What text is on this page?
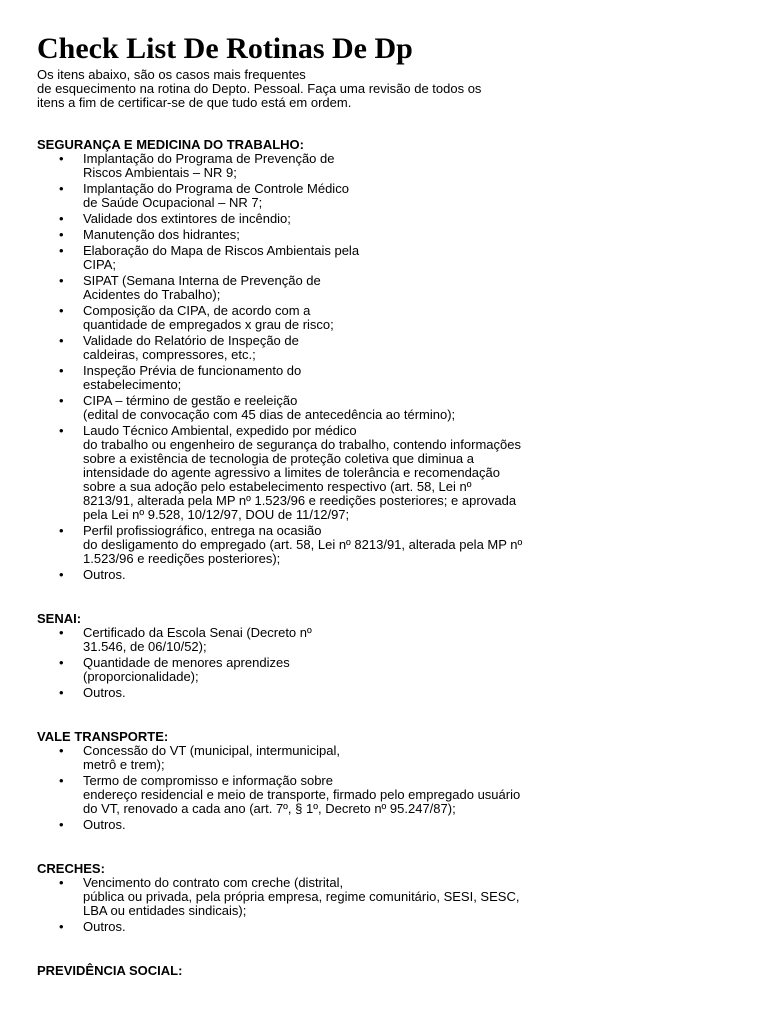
Check List De Rotinas De Dp
Os itens abaixo, são os casos mais frequentes
de esquecimento na rotina do Depto. Pessoal. Faça uma revisão de todos os
itens a fim de certificar-se de que tudo está em ordem.
SEGURANÇA E MEDICINA DO TRABALHO:
• Implantação do Programa de Prevenção de
Riscos Ambientais – NR 9;
• Implantação do Programa de Controle Médico
de Saúde Ocupacional – NR 7;
• Validade dos extintores de incêndio;
• Manutenção dos hidrantes;
• Elaboração do Mapa de Riscos Ambientais pela
CIPA;
• SIPAT (Semana Interna de Prevenção de
Acidentes do Trabalho);
• Composição da CIPA, de acordo com a
quantidade de empregados x grau de risco;
• Validade do Relatório de Inspeção de
caldeiras, compressores, etc.;
• Inspeção Prévia de funcionamento do
estabelecimento;
• CIPA – término de gestão e reeleição
(edital de convocação com 45 dias de antecedência ao término);
• Laudo Técnico Ambiental, expedido por médico
do trabalho ou engenheiro de segurança do trabalho, contendo informações
sobre a existência de tecnologia de proteção coletiva que diminua a
intensidade do agente agressivo a limites de tolerância e recomendação
sobre a sua adoção pelo estabelecimento respectivo (art. 58, Lei nº
8213/91, alterada pela MP nº 1.523/96 e reedições posteriores; e aprovada
pela Lei nº 9.528, 10/12/97, DOU de 11/12/97;
• Perfil profissiográfico, entrega na ocasião
do desligamento do empregado (art. 58, Lei nº 8213/91, alterada pela MP nº
1.523/96 e reedições posteriores);
• Outros.
SENAI:
• Certificado da Escola Senai (Decreto nº
31.546, de 06/10/52);
• Quantidade de menores aprendizes
(proporcionalidade);
• Outros.
VALE TRANSPORTE:
• Concessão do VT (municipal, intermunicipal,
metrô e trem);
• Termo de compromisso e informação sobre
endereço residencial e meio de transporte, firmado pelo empregado usuário
do VT, renovado a cada ano (art. 7º, § 1º, Decreto nº 95.247/87);
• Outros.
CRECHES:
• Vencimento do contrato com creche (distrital,
pública ou privada, pela própria empresa, regime comunitário, SESI, SESC,
LBA ou entidades sindicais);
• Outros.
PREVIDÊNCIA SOCIAL:
